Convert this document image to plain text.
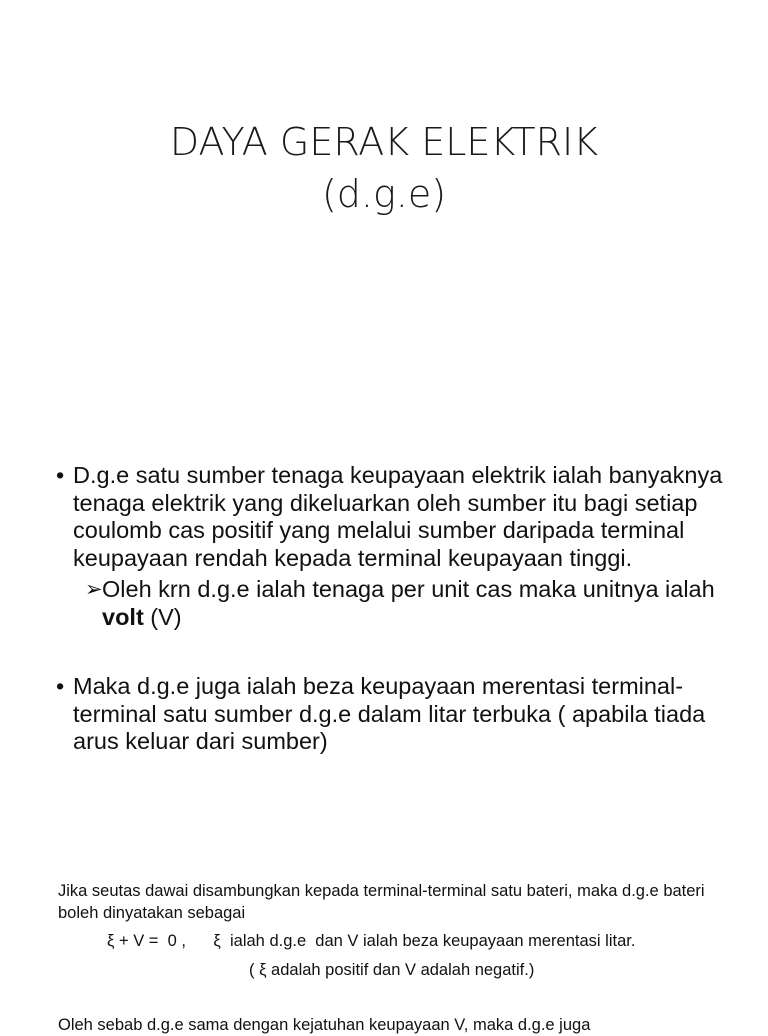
DAYA GERAK ELEKTRIK
(d.g.e)
• D.g.e satu sumber tenaga keupayaan elektrik ialah banyaknya tenaga elektrik yang dikeluarkan oleh sumber itu bagi setiap coulomb cas positif yang melalui sumber daripada terminal keupayaan rendah kepada terminal keupayaan tinggi.
➢ Oleh krn d.g.e ialah tenaga per unit cas maka unitnya ialah volt (V)
• Maka d.g.e juga ialah beza keupayaan merentasi terminal-terminal satu sumber d.g.e dalam litar terbuka ( apabila tiada arus keluar dari sumber)
Jika seutas dawai disambungkan kepada terminal-terminal satu bateri, maka d.g.e bateri boleh dinyatakan sebagai
ξ + V =  0 ,      ξ  ialah d.g.e  dan V ialah beza keupayaan merentasi litar.
( ξ adalah positif dan V adalah negatif.)
Oleh sebab d.g.e sama dengan kejatuhan keupayaan V, maka d.g.e juga
